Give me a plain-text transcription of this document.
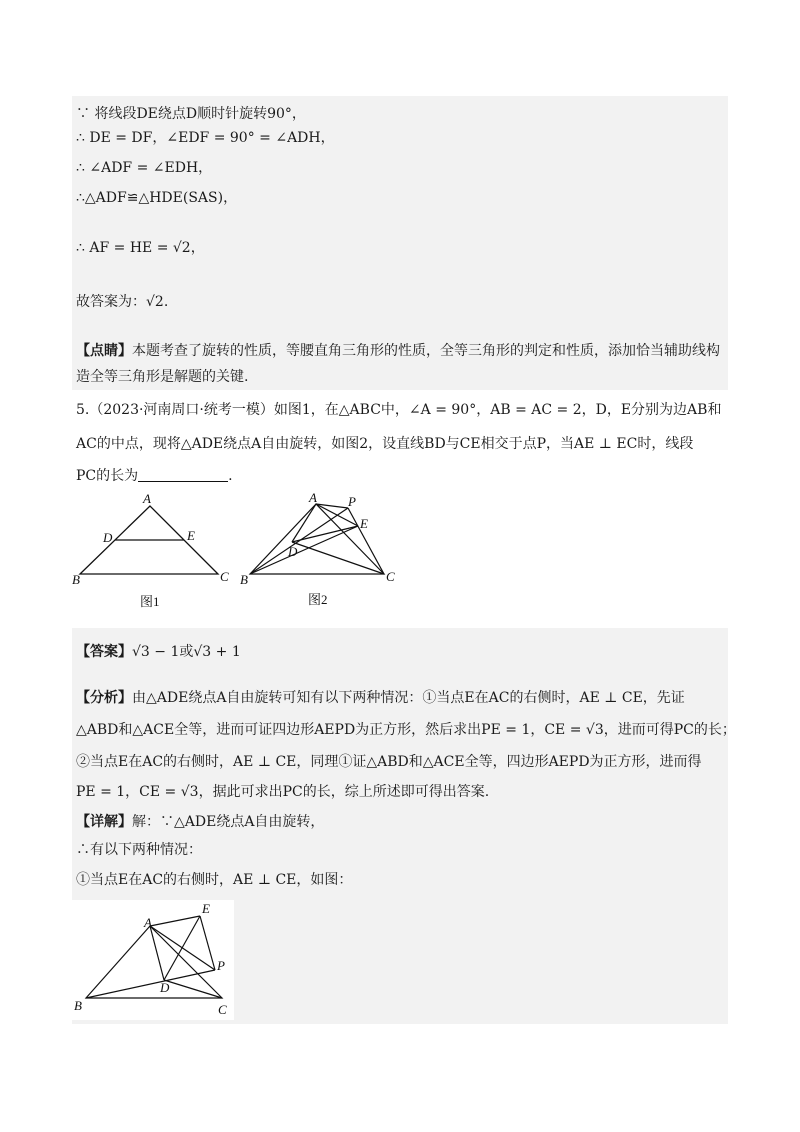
∵ 将线段DE绕点D顺时针旋转90°，
∴ DE = DF，∠EDF = 90° = ∠ADH，
∴ ∠ADF = ∠EDH，
∴△ADF≌△HDE(SAS)，
∴ AF = HE = √2，
故答案为：√2.
【点睛】本题考查了旋转的性质，等腰直角三角形的性质，全等三角形的判定和性质，添加恰当辅助线构
造全等三角形是解题的关键.
5.（2023·河南周口·统考一模）如图1，在△ABC中，∠A = 90°，AB = AC = 2，D，E分别为边AB和
AC的中点，现将△ADE绕点A自由旋转，如图2，设直线BD与CE相交于点P，当AE ⊥ EC时，线段
PC的长为	.
A
D	E
B	C
图1
A P
E
D
B	C
图2
【答案】√3 − 1或√3 + 1
【分析】由△ADE绕点A自由旋转可知有以下两种情况：①当点E在AC的右侧时，AE ⊥ CE，先证
△ABD和△ACE全等，进而可证四边形AEPD为正方形，然后求出PE = 1，CE = √3，进而可得PC的长；
②当点E在AC的右侧时，AE ⊥ CE，同理①证△ABD和△ACE全等，四边形AEPD为正方形，进而得
PE = 1，CE = √3，据此可求出PC的长，综上所述即可得出答案.
【详解】解：∵△ADE绕点A自由旋转，
∴有以下两种情况：
①当点E在AC的右侧时，AE ⊥ CE，如图：
A
E
P
D
B	C
